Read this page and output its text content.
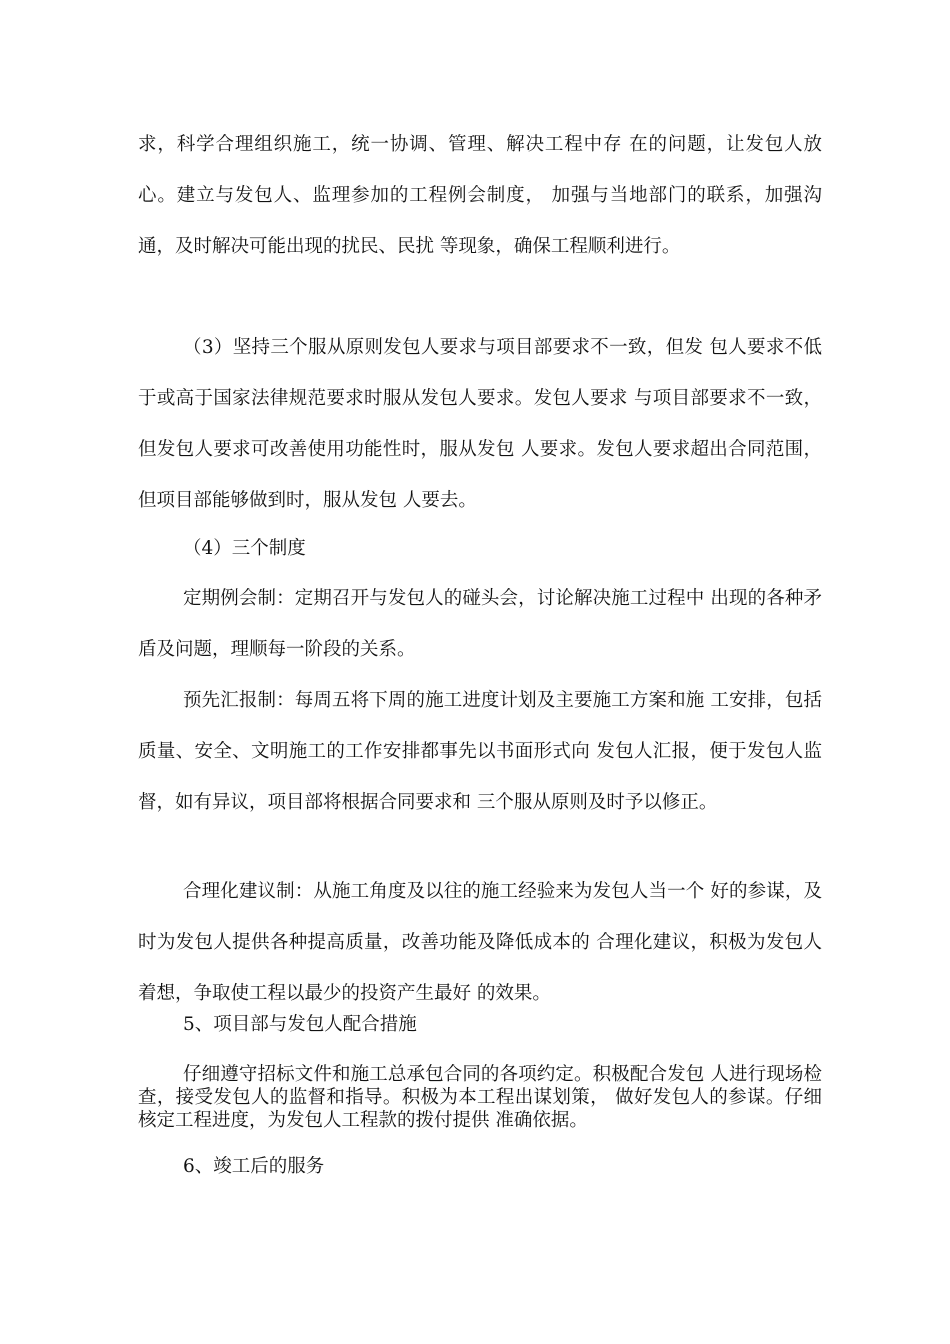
求，科学合理组织施工，统一协调、管理、解决工程中存 在的问题，让发包人放心。建立与发包人、监理参加的工程例会制度， 加强与当地部门的联系，加强沟通，及时解决可能出现的扰民、民扰 等现象，确保工程顺利进行。

（3）坚持三个服从原则发包人要求与项目部要求不一致，但发 包人要求不低于或高于国家法律规范要求时服从发包人要求。发包人要求 与项目部要求不一致，但发包人要求可改善使用功能性时，服从发包 人要求。发包人要求超出合同范围，但项目部能够做到时，服从发包 人要去。

（4）三个制度

定期例会制：定期召开与发包人的碰头会，讨论解决施工过程中 出现的各种矛盾及问题，理顺每一阶段的关系。

预先汇报制：每周五将下周的施工进度计划及主要施工方案和施 工安排，包括质量、安全、文明施工的工作安排都事先以书面形式向 发包人汇报，便于发包人监督，如有异议，项目部将根据合同要求和 三个服从原则及时予以修正。

合理化建议制：从施工角度及以往的施工经验来为发包人当一个 好的参谋，及时为发包人提供各种提高质量，改善功能及降低成本的 合理化建议，积极为发包人着想，争取使工程以最少的投资产生最好 的效果。

5、项目部与发包人配合措施

仔细遵守招标文件和施工总承包合同的各项约定。积极配合发包 人进行现场检查，接受发包人的监督和指导。积极为本工程出谋划策， 做好发包人的参谋。仔细核定工程进度，为发包人工程款的拨付提供 准确依据。

6、竣工后的服务
